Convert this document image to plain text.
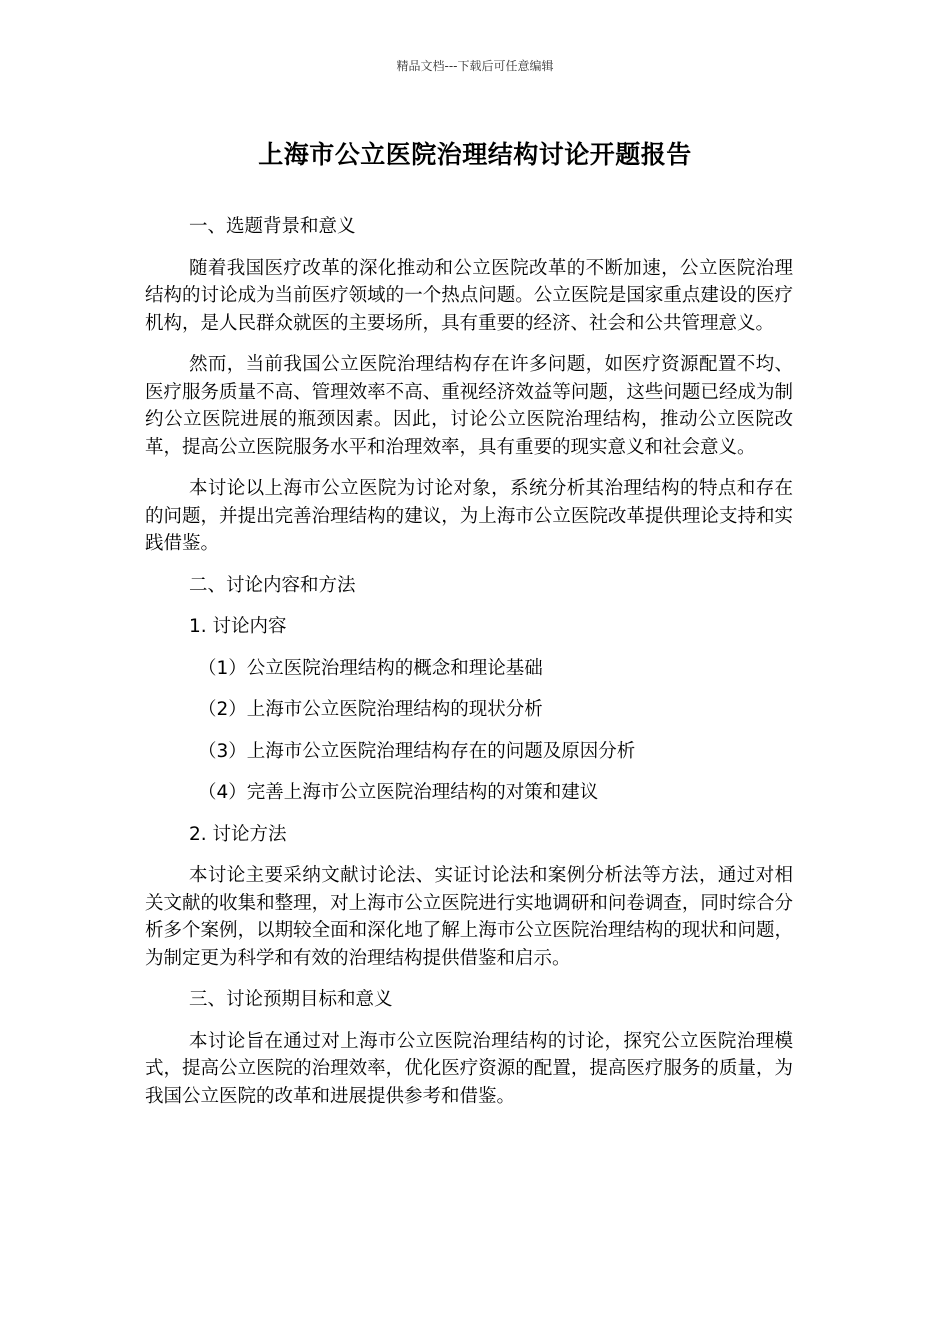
精品文档---下载后可任意编辑
上海市公立医院治理结构讨论开题报告
一、选题背景和意义
随着我国医疗改革的深化推动和公立医院改革的不断加速，公立医院治理结构的讨论成为当前医疗领域的一个热点问题。公立医院是国家重点建设的医疗机构，是人民群众就医的主要场所，具有重要的经济、社会和公共管理意义。
然而，当前我国公立医院治理结构存在许多问题，如医疗资源配置不均、医疗服务质量不高、管理效率不高、重视经济效益等问题，这些问题已经成为制约公立医院进展的瓶颈因素。因此，讨论公立医院治理结构，推动公立医院改革，提高公立医院服务水平和治理效率，具有重要的现实意义和社会意义。
本讨论以上海市公立医院为讨论对象，系统分析其治理结构的特点和存在的问题，并提出完善治理结构的建议，为上海市公立医院改革提供理论支持和实践借鉴。
二、讨论内容和方法
1. 讨论内容
（1）公立医院治理结构的概念和理论基础
（2）上海市公立医院治理结构的现状分析
（3）上海市公立医院治理结构存在的问题及原因分析
（4）完善上海市公立医院治理结构的对策和建议
2. 讨论方法
本讨论主要采纳文献讨论法、实证讨论法和案例分析法等方法，通过对相关文献的收集和整理，对上海市公立医院进行实地调研和问卷调查，同时综合分析多个案例，以期较全面和深化地了解上海市公立医院治理结构的现状和问题，为制定更为科学和有效的治理结构提供借鉴和启示。
三、讨论预期目标和意义
本讨论旨在通过对上海市公立医院治理结构的讨论，探究公立医院治理模式，提高公立医院的治理效率，优化医疗资源的配置，提高医疗服务的质量，为我国公立医院的改革和进展提供参考和借鉴。
